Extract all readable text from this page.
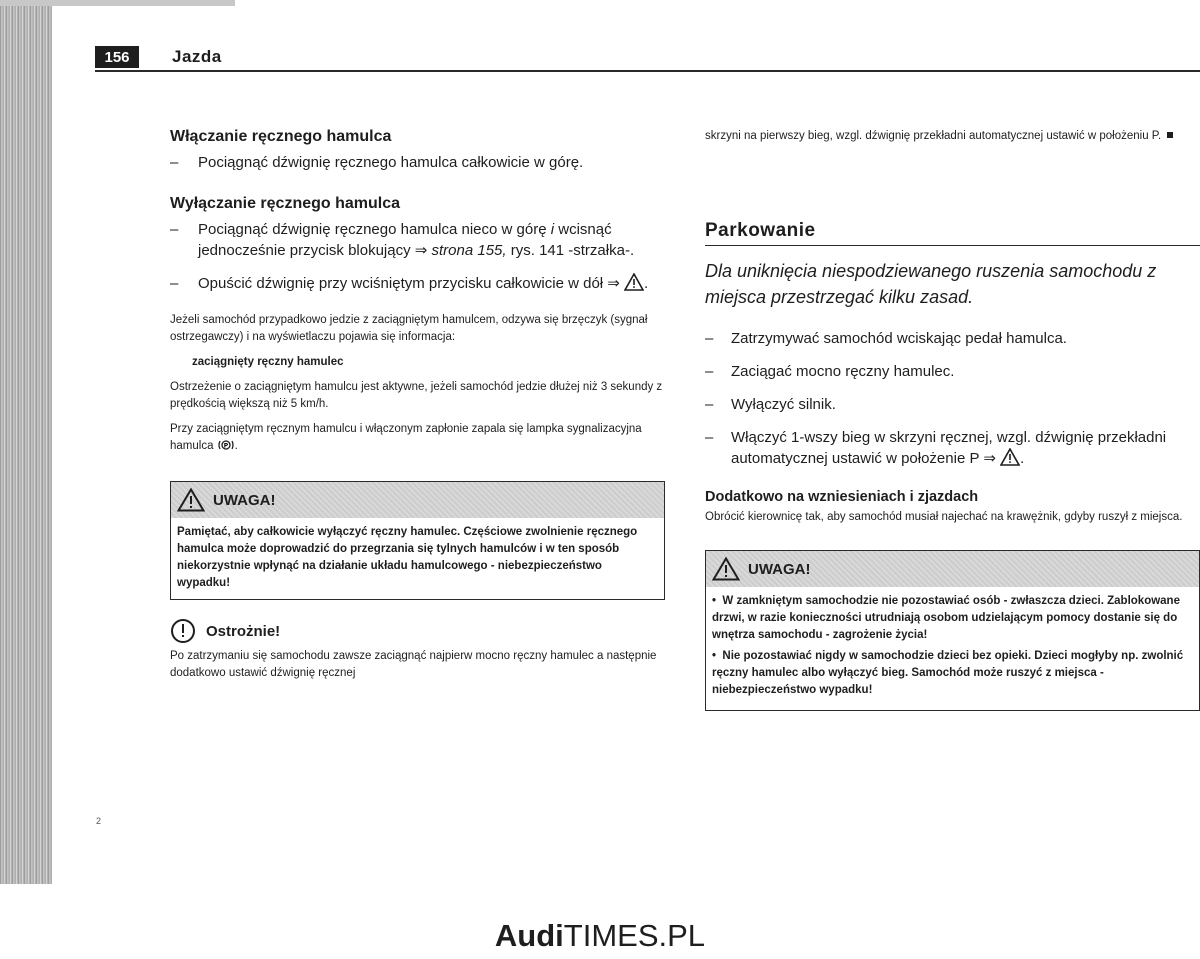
156	Jazda
Włączanie ręcznego hamulca
–	Pociągnąć dźwignię ręcznego hamulca całkowicie w górę.
Wyłączanie ręcznego hamulca
–	Pociągnąć dźwignię ręcznego hamulca nieco w górę i wcisnąć jednocześnie przycisk blokujący ⇒ strona 155, rys. 141 -strzałka-.
–	Opuścić dźwignię przy wciśniętym przycisku całkowicie w dół ⇒ .

Jeżeli samochód przypadkowo jedzie z zaciągniętym hamulcem, odzywa się brzęczyk (sygnał ostrzegawczy) i na wyświetlaczu pojawia się informacja:

zaciągnięty ręczny hamulec

Ostrzeżenie o zaciągniętym hamulcu jest aktywne, jeżeli samochód jedzie dłużej niż 3 sekundy z prędkością większą niż 5 km/h.

Przy zaciągniętym ręcznym hamulcu i włączonym zapłonie zapala się lampka sygnalizacyjna hamulca P .

UWAGA!
Pamiętać, aby całkowicie wyłączyć ręczny hamulec. Częściowe zwolnienie ręcznego hamulca może doprowadzić do przegrzania się tylnych hamulców i w ten sposób niekorzystnie wpłynąć na działanie układu hamulcowego - niebezpieczeństwo wypadku!
Ostrożnie!
Po zatrzymaniu się samochodu zawsze zaciągnąć najpierw mocno ręczny hamulec a następnie dodatkowo ustawić dźwignię ręcznej
skrzyni na pierwszy bieg, wzgl. dźwignię przekładni automatycznej ustawić w położeniu P.
Parkowanie
Dla uniknięcia niespodziewanego ruszenia samochodu z miejsca przestrzegać kilku zasad.
–	Zatrzymywać samochód wciskając pedał hamulca.
–	Zaciągać mocno ręczny hamulec.
–	Wyłączyć silnik.
–	Włączyć 1-wszy bieg w skrzyni ręcznej, wzgl. dźwignię przekładni automatycznej ustawić w położenie P ⇒ .
Dodatkowo na wzniesieniach i zjazdach
Obrócić kierownicę tak, aby samochód musiał najechać na krawężnik, gdyby ruszył z miejsca.
UWAGA!

•  W zamkniętym samochodzie nie pozostawiać osób - zwłaszcza dzieci. Zablokowane drzwi, w razie konieczności utrudniają osobom udzielającym pomocy dostanie się do wnętrza samochodu - zagrożenie życia!

•  Nie pozostawiać nigdy w samochodzie dzieci bez opieki. Dzieci mogłyby np. zwolnić ręczny hamulec albo wyłączyć bieg. Samochód może ruszyć z miejsca - niebezpieczeństwo wypadku!

2
AudiTIMES.PL
